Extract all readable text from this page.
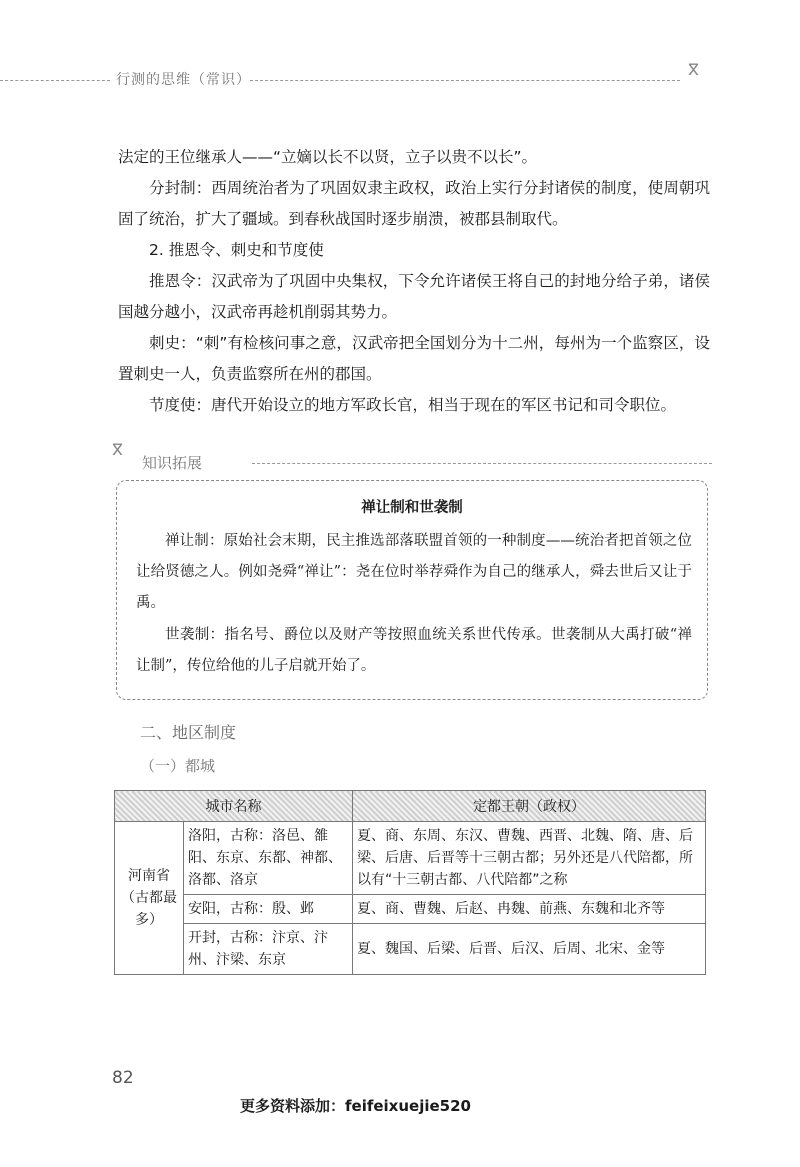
行测的思维（常识）
ⴳ

法定的王位继承人——“立嫡以长不以贤，立子以贵不以长”。

分封制：西周统治者为了巩固奴隶主政权，政治上实行分封诸侯的制度，使周朝巩固了统治，扩大了疆域。到春秋战国时逐步崩溃，被郡县制取代。

2. 推恩令、刺史和节度使

推恩令：汉武帝为了巩固中央集权，下令允许诸侯王将自己的封地分给子弟，诸侯国越分越小，汉武帝再趁机削弱其势力。

刺史：“刺”有检核问事之意，汉武帝把全国划分为十二州，每州为一个监察区，设置刺史一人，负责监察所在州的郡国。

节度使：唐代开始设立的地方军政长官，相当于现在的军区书记和司令职位。

ⴳ
知识拓展
禅让制和世袭制

禅让制：原始社会末期，民主推选部落联盟首领的一种制度——统治者把首领之位让给贤德之人。例如尧舜“禅让”：尧在位时举荐舜作为自己的继承人，舜去世后又让于禹。

世袭制：指名号、爵位以及财产等按照血统关系世代传承。世袭制从大禹打破“禅让制”，传位给他的儿子启就开始了。

二、地区制度
（一）都城
城市名称		定都王朝（政权）
河南省（古都最多）	洛阳，古称：洛邑、雒阳、东京、东都、神都、洛都、洛京	夏、商、东周、东汉、曹魏、西晋、北魏、隋、唐、后梁、后唐、后晋等十三朝古都；另外还是八代陪都，所以有“十三朝古都、八代陪都”之称
	安阳，古称：殷、邺	夏、商、曹魏、后赵、冉魏、前燕、东魏和北齐等
	开封，古称：汴京、汴州、汴梁、东京	夏、魏国、后梁、后晋、后汉、后周、北宋、金等
82
更多资料添加：feifeixuejie520
